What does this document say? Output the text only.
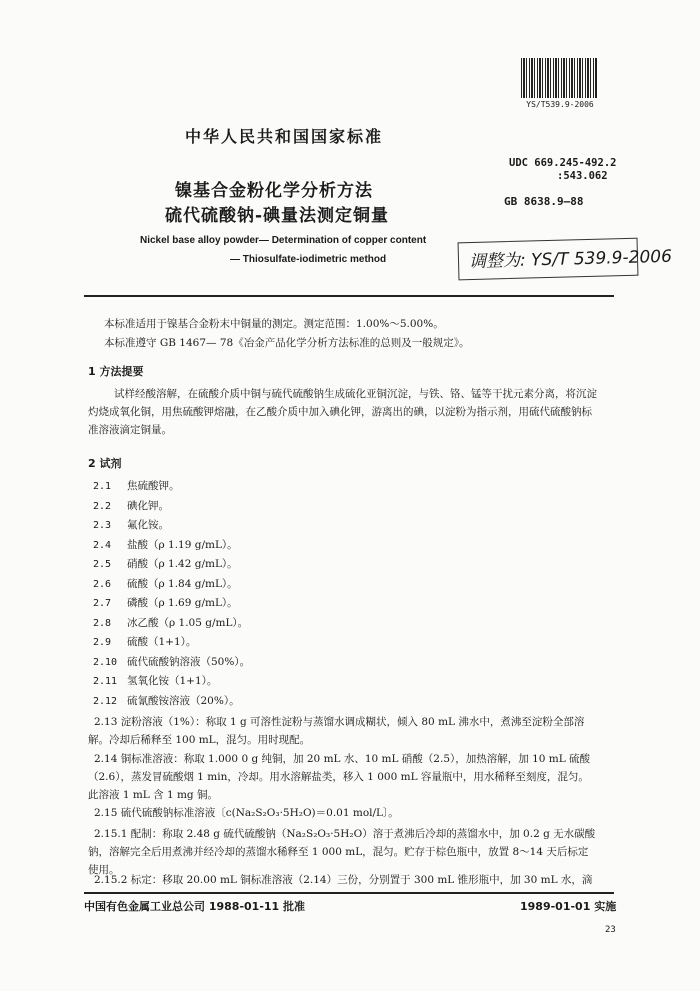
YS/T539.9-2006
中华人民共和国国家标准
UDC 669.245-492.2
:543.062
GB 8638.9—88
镍基合金粉化学分析方法
硫代硫酸钠-碘量法测定铜量
Nickel base alloy powder— Determination of copper content
— Thiosulfate-iodimetric method	调整为: YS/T 539.9-2006
本标准适用于镍基合金粉末中铜量的测定。测定范围：1.00%～5.00%。
本标准遵守 GB 1467— 78《冶金产品化学分析方法标准的总则及一般规定》。
1 方法提要
试样经酸溶解，在硫酸介质中铜与硫代硫酸钠生成硫化亚铜沉淀，与铁、铬、锰等干扰元素分离，将沉淀灼烧成氧化铜，用焦硫酸钾熔融，在乙酸介质中加入碘化钾，游离出的碘，以淀粉为指示剂，用硫代硫酸钠标准溶液滴定铜量。
2 试剂
2.1 焦硫酸钾。
2.2 碘化钾。
2.3 氟化铵。
2.4 盐酸（ρ 1.19 g/mL）。
2.5 硝酸（ρ 1.42 g/mL）。
2.6 硫酸（ρ 1.84 g/mL）。
2.7 磷酸（ρ 1.69 g/mL）。
2.8 冰乙酸（ρ 1.05 g/mL）。
2.9 硫酸（1+1）。
2.10 硫代硫酸钠溶液（50%）。
2.11 氢氧化铵（1+1）。
2.12 硫氰酸铵溶液（20%）。
2.13 淀粉溶液（1%）：称取 1 g 可溶性淀粉与蒸馏水调成糊状，倾入 80 mL 沸水中，煮沸至淀粉全部溶解。冷却后稀释至 100 mL，混匀。用时现配。
2.14 铜标准溶液：称取 1.000 0 g 纯铜，加 20 mL 水、10 mL 硝酸（2.5），加热溶解，加 10 mL 硫酸（2.6），蒸发冒硫酸烟 1 min，冷却。用水溶解盐类，移入 1 000 mL 容量瓶中，用水稀释至刻度，混匀。此溶液 1 mL 含 1 mg 铜。
2.15 硫代硫酸钠标准溶液〔c(Na₂S₂O₃·5H₂O)＝0.01 mol/L〕。
2.15.1 配制：称取 2.48 g 硫代硫酸钠（Na₂S₂O₃·5H₂O）溶于煮沸后冷却的蒸馏水中，加 0.2 g 无水碳酸钠，溶解完全后用煮沸并经冷却的蒸馏水稀释至 1 000 mL，混匀。贮存于棕色瓶中，放置 8～14 天后标定使用。
2.15.2 标定：移取 20.00 mL 铜标准溶液（2.14）三份，分别置于 300 mL 锥形瓶中，加 30 mL 水，滴
中国有色金属工业总公司 1988-01-11 批准	1989-01-01 实施
23
